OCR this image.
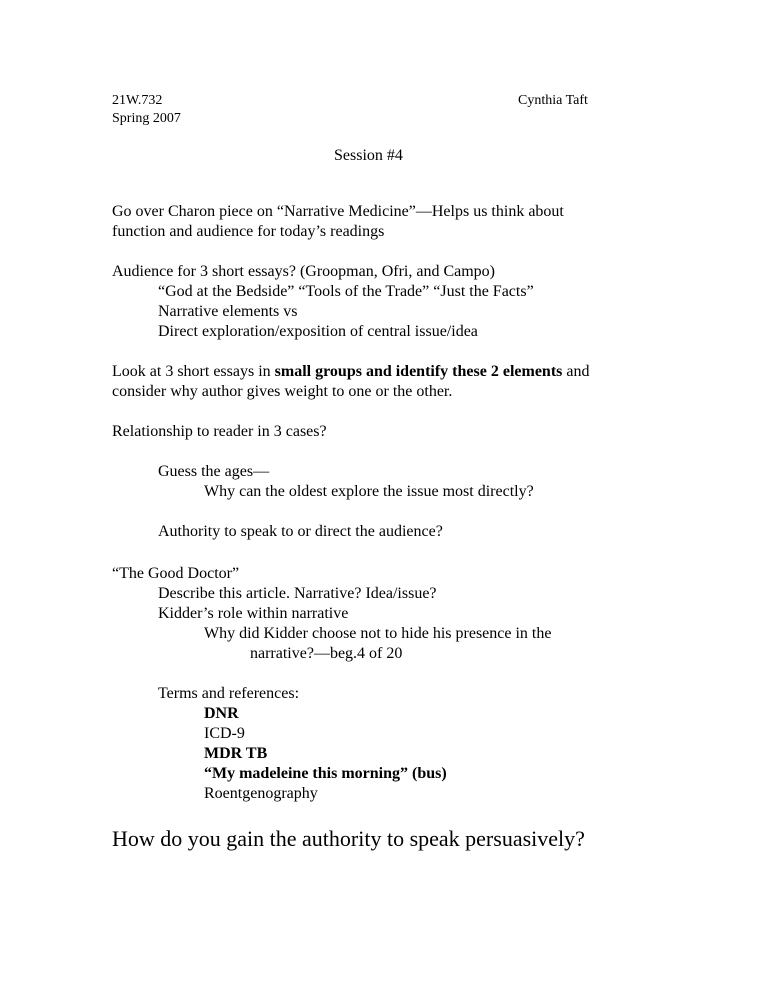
21W.732
Spring 2007
Cynthia Taft
Session #4
Go over Charon piece on “Narrative Medicine”—Helps us think about
function and audience for today’s readings
Audience for 3 short essays? (Groopman, Ofri, and Campo)
“God at the Bedside” “Tools of the Trade” “Just the Facts”
Narrative elements vs
Direct exploration/exposition of central issue/idea
Look at 3 short essays in small groups and identify these 2 elements and
consider why author gives weight to one or the other.
Relationship to reader in 3 cases?
Guess the ages—
Why can the oldest explore the issue most directly?
Authority to speak to or direct the audience?
“The Good Doctor”
Describe this article. Narrative? Idea/issue?
Kidder’s role within narrative
Why did Kidder choose not to hide his presence in the
narrative?—beg.4 of 20
Terms and references:
DNR
ICD-9
MDR TB
“My madeleine this morning” (bus)
Roentgenography
How do you gain the authority to speak persuasively?
